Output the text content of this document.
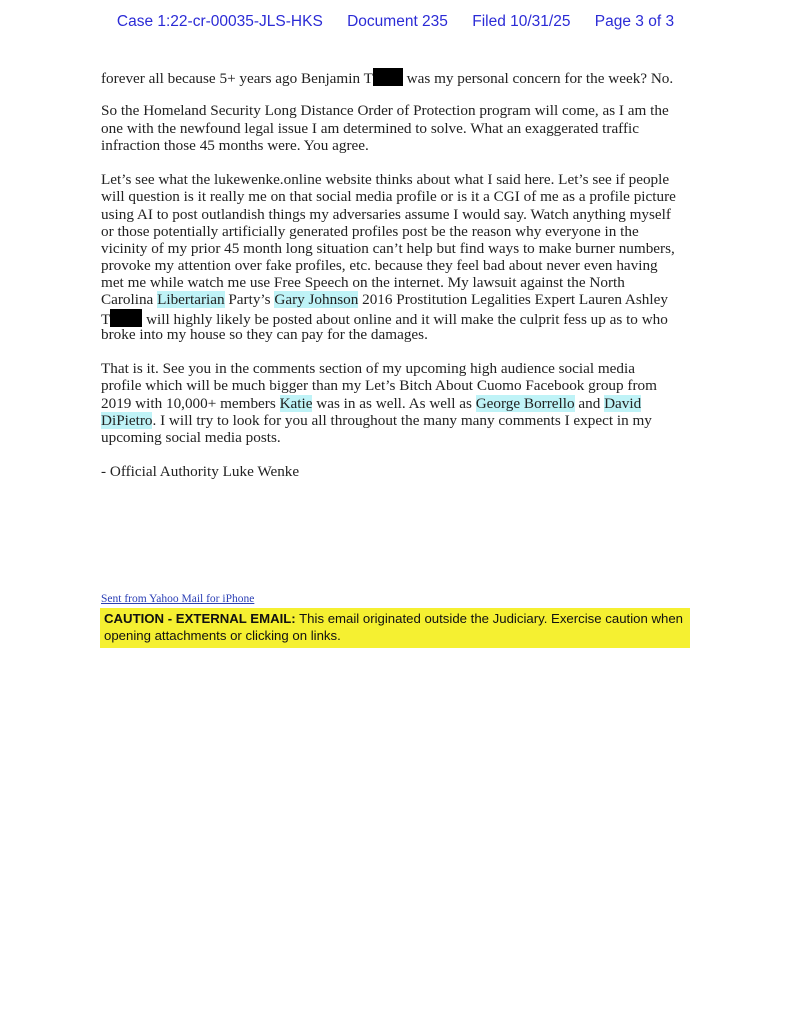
Case 1:22-cr-00035-JLS-HKS Document 235 Filed 10/31/25 Page 3 of 3
forever all because 5+ years ago Benjamin T was my personal concern for the week? No.
So the Homeland Security Long Distance Order of Protection program will come, as I am the
one with the newfound legal issue I am determined to solve. What an exaggerated traffic
infraction those 45 months were. You agree.
Let’s see what the lukewenke.online website thinks about what I said here. Let’s see if people
will question is it really me on that social media profile or is it a CGI of me as a profile picture
using AI to post outlandish things my adversaries assume I would say. Watch anything myself
or those potentially artificially generated profiles post be the reason why everyone in the
vicinity of my prior 45 month long situation can’t help but find ways to make burner numbers,
provoke my attention over fake profiles, etc. because they feel bad about never even having
met me while watch me use Free Speech on the internet. My lawsuit against the North
Carolina Libertarian Party’s Gary Johnson 2016 Prostitution Legalities Expert Lauren Ashley
T will highly likely be posted about online and it will make the culprit fess up as to who
broke into my house so they can pay for the damages.
That is it. See you in the comments section of my upcoming high audience social media
profile which will be much bigger than my Let’s Bitch About Cuomo Facebook group from
2019 with 10,000+ members Katie was in as well. As well as George Borrello and David
DiPietro. I will try to look for you all throughout the many many comments I expect in my
upcoming social media posts.
- Official Authority Luke Wenke
Sent from Yahoo Mail for iPhone
CAUTION - EXTERNAL EMAIL: This email originated outside the Judiciary. Exercise caution when opening attachments or clicking on links.
